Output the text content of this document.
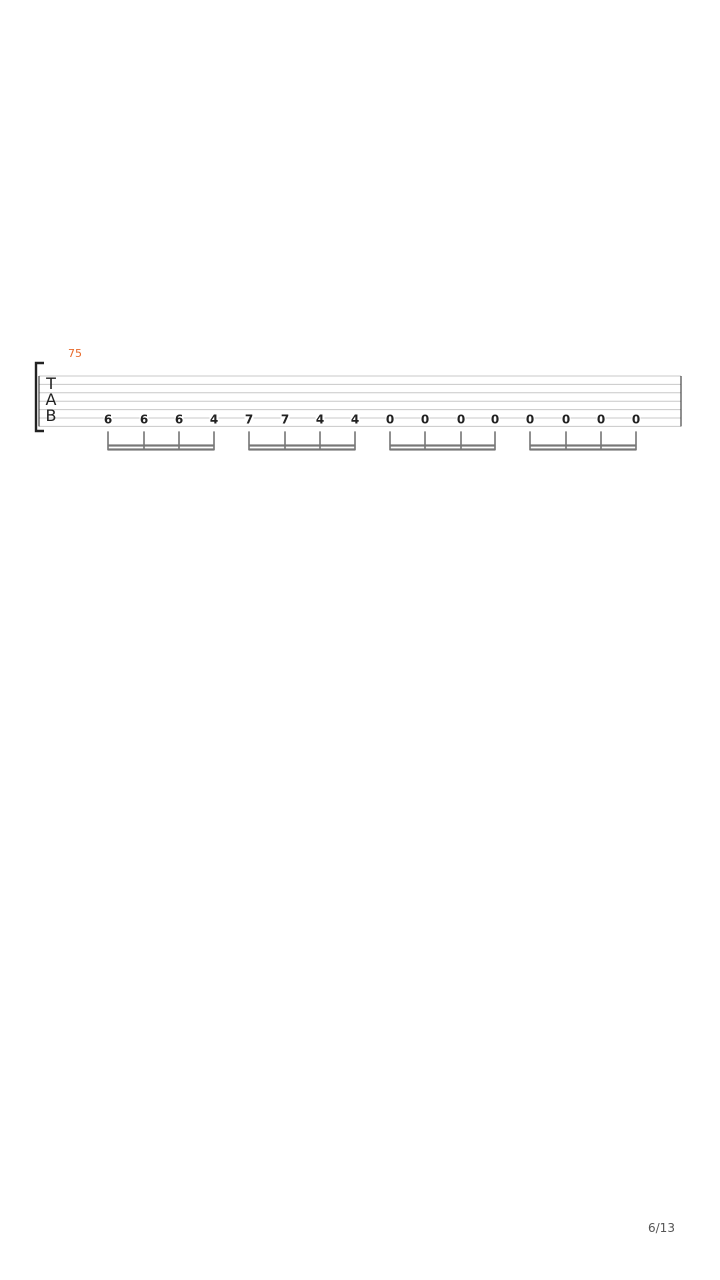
T
A
B
75
6 6 6 4 7 7 4 4 0 0 0 0 0 0 0 0
6/13
